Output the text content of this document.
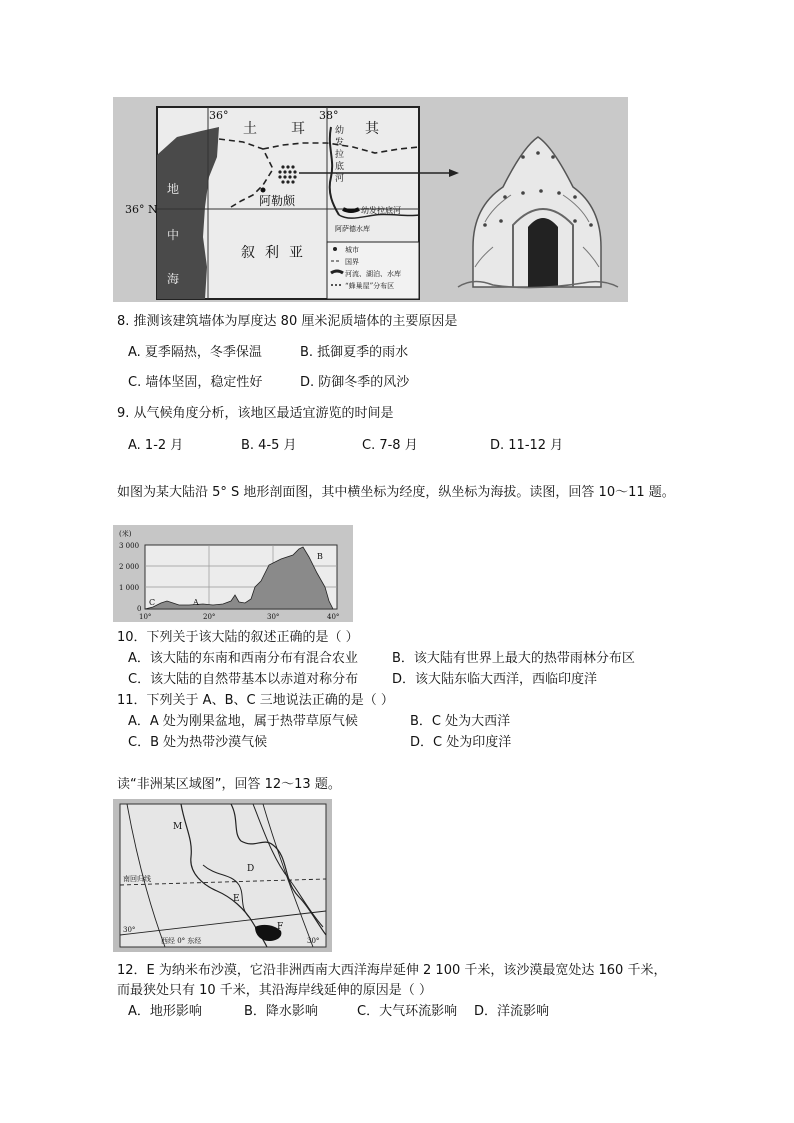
36°	38°
土 耳	其
36° N
地
中
海
阿勒颇
叙 利 亚
幼
发
拉
底
河
幼发拉底河
阿萨德水库
城市
国界
河流、湖泊、水库
“蜂巢屋”分布区
8. 推测该建筑墙体为厚度达 80 厘米泥质墙体的主要原因是
A. 夏季隔热，冬季保温	B. 抵御夏季的雨水
C. 墙体坚固，稳定性好	D. 防御冬季的风沙
9. 从气候角度分析，该地区最适宜游览的时间是
A. 1-2 月	B. 4-5 月	C. 7-8 月	D. 11-12 月
如图为某大陆沿 5° S 地形剖面图，其中横坐标为经度，纵坐标为海拔。读图，回答 10～11 题。
(米)
3 000
2 000
1 000
0
10°	20°	30°	40°
A
B
C
10．下列关于该大陆的叙述正确的是（ ）
A．该大陆的东南和西南分布有混合农业	B．该大陆有世界上最大的热带雨林分布区
C．该大陆的自然带基本以赤道对称分布	D．该大陆东临大西洋，西临印度洋
11．下列关于 A、B、C 三地说法正确的是（ ）
A．A 处为刚果盆地，属于热带草原气候	B．C 处为大西洋
C．B 处为热带沙漠气候	D．C 处为印度洋
读“非洲某区域图”，回答 12～13 题。
M
D
E
F
南回归线
30°
西经 0° 东经	30°
12．E 为纳米布沙漠，它沿非洲西南大西洋海岸延伸 2 100 千米，该沙漠最宽处达 160 千米，
而最狭处只有 10 千米，其沿海岸线延伸的原因是（ ）
A．地形影响	B．降水影响	C．大气环流影响 D．洋流影响
